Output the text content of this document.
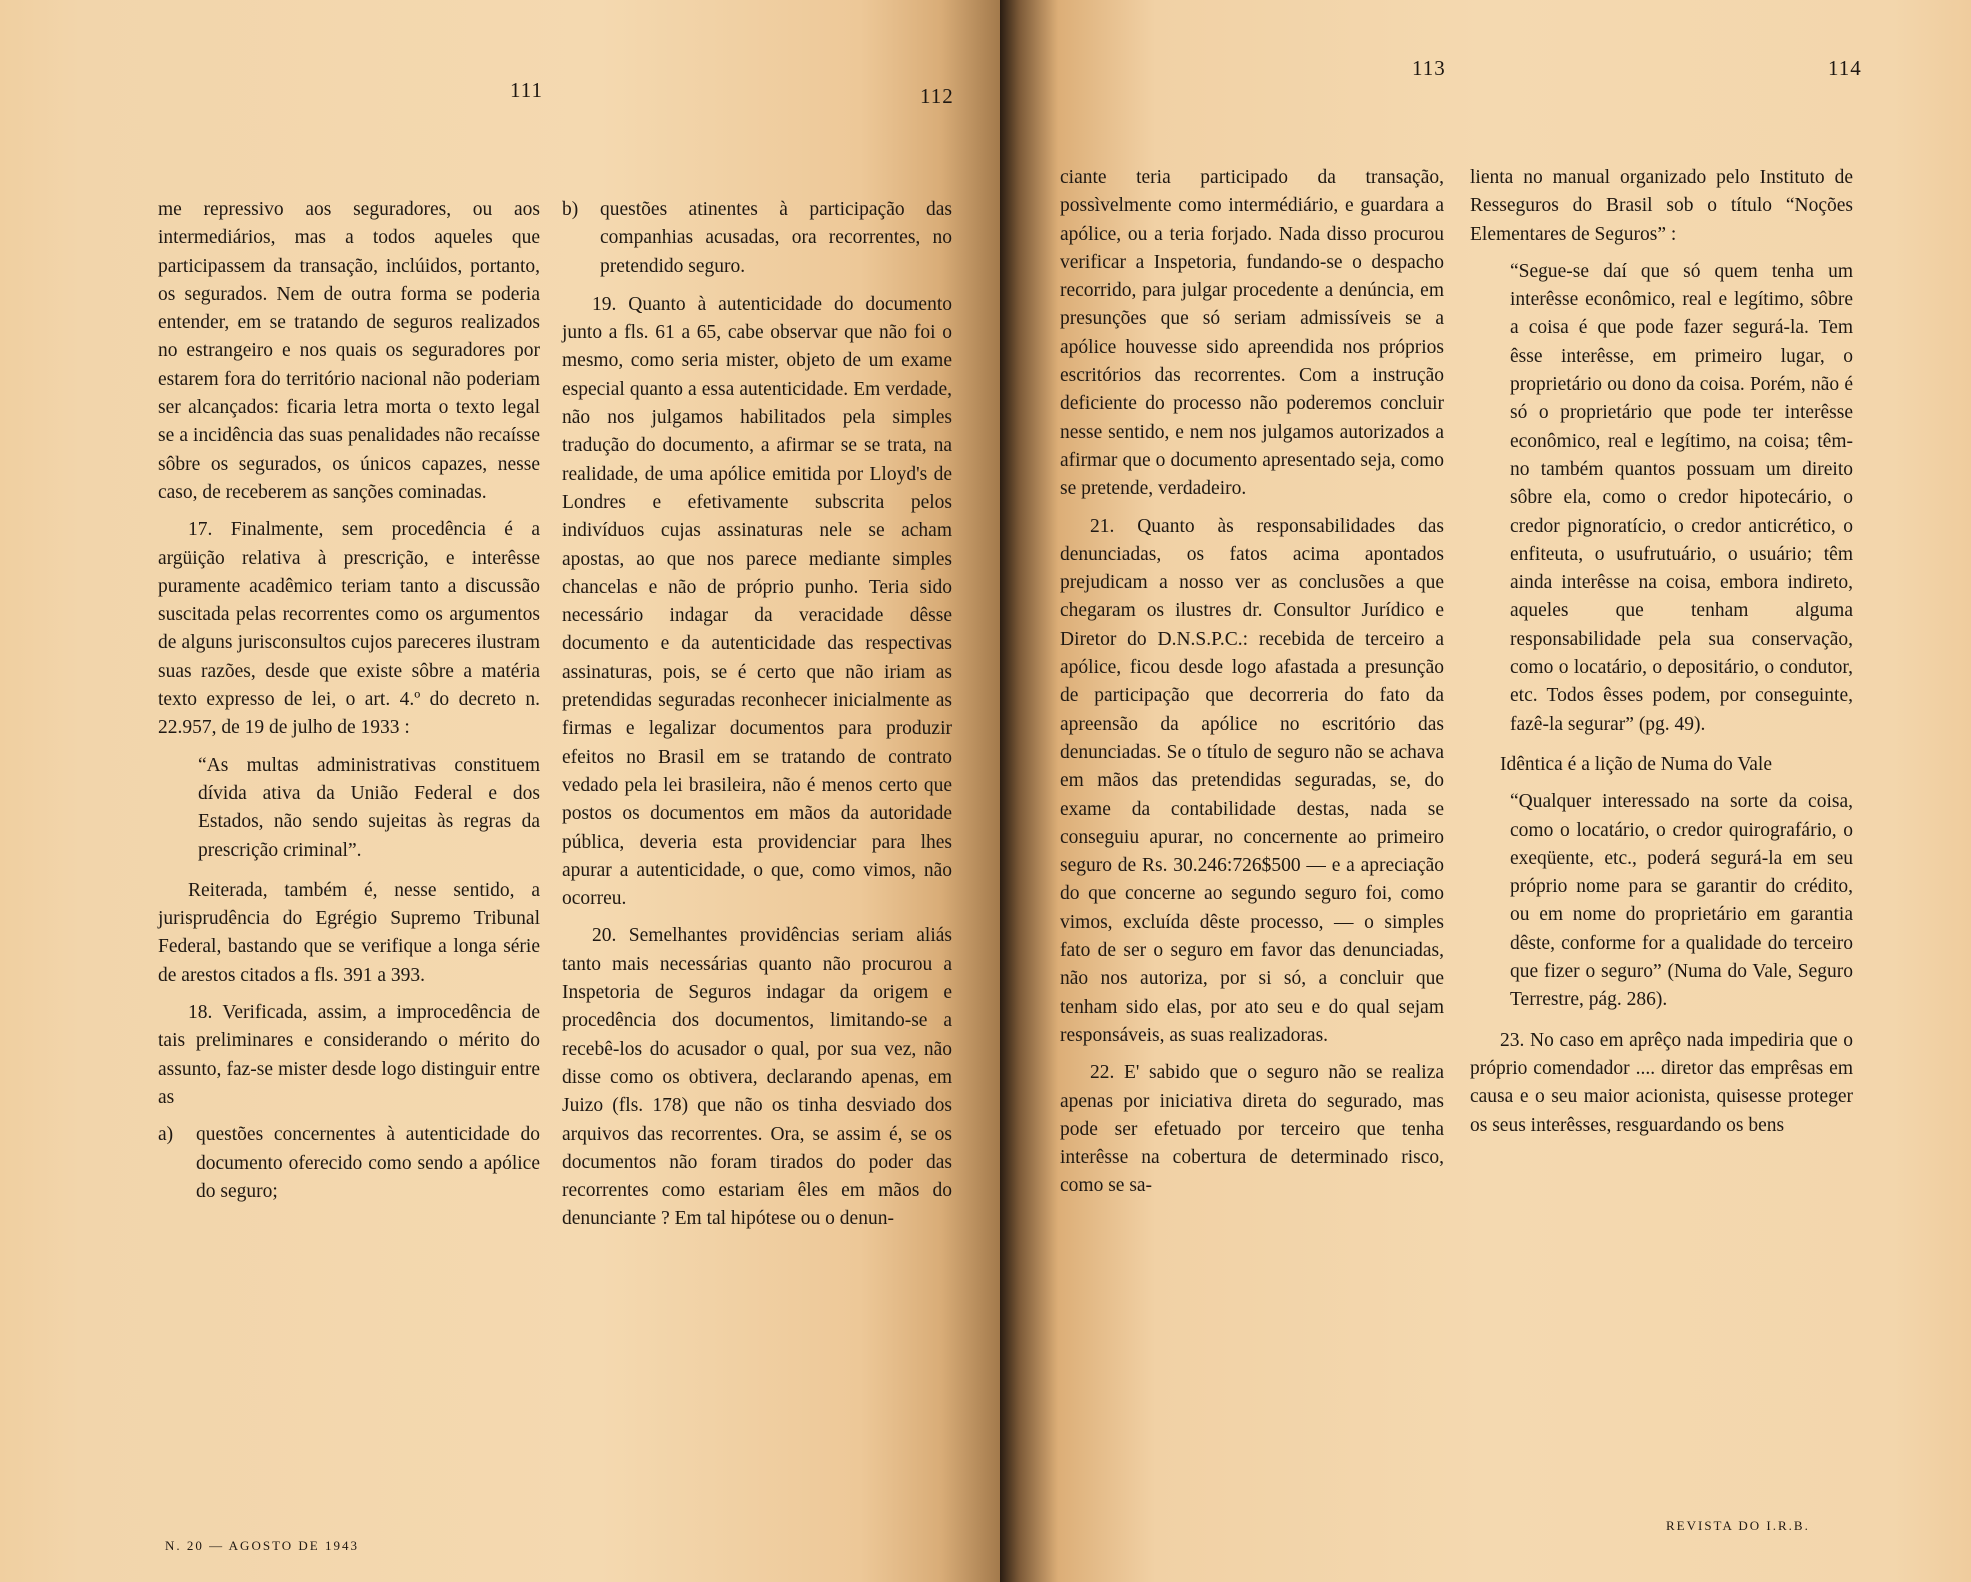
111	112

me repressivo aos seguradores, ou aos intermediários, mas a todos aqueles que participassem da transação, inclúidos, portanto, os segurados. Nem de outra forma se poderia entender, em se tratando de seguros realizados no estrangeiro e nos quais os seguradores por estarem fora do território nacional não poderiam ser alcançados: ficaria letra morta o texto legal se a incidência das suas penalidades não recaísse sôbre os segurados, os únicos capazes, nesse caso, de receberem as sanções cominadas.

17. Finalmente, sem procedência é a argüição relativa à prescrição, e interêsse puramente acadêmico teriam tanto a discussão suscitada pelas recorrentes como os argumentos de alguns jurisconsultos cujos pareceres ilustram suas razões, desde que existe sôbre a matéria texto expresso de lei, o art. 4.º do decreto n. 22.957, de 19 de julho de 1933 :

“As multas administrativas constituem dívida ativa da União Federal e dos Estados, não sendo sujeitas às regras da prescrição criminal”.

Reiterada, também é, nesse sentido, a jurisprudência do Egrégio Supremo Tribunal Federal, bastando que se verifique a longa série de arestos citados a fls. 391 a 393.

18. Verificada, assim, a improcedência de tais preliminares e considerando o mérito do assunto, faz-se mister desde logo distinguir entre as

a) questões concernentes à autenticidade do documento oferecido como sendo a apólice do seguro;
b) questões atinentes à participação das companhias acusadas, ora recorrentes, no pretendido seguro.

19. Quanto à autenticidade do documento junto a fls. 61 a 65, cabe observar que não foi o mesmo, como seria mister, objeto de um exame especial quanto a essa autenticidade. Em verdade, não nos julgamos habilitados pela simples tradução do documento, a afirmar se se trata, na realidade, de uma apólice emitida por Lloyd's de Londres e efetivamente subscrita pelos indivíduos cujas assinaturas nele se acham apostas, ao que nos parece mediante simples chancelas e não de próprio punho. Teria sido necessário indagar da veracidade dêsse documento e da autenticidade das respectivas assinaturas, pois, se é certo que não iriam as pretendidas seguradas reconhecer inicialmente as firmas e legalizar documentos para produzir efeitos no Brasil em se tratando de contrato vedado pela lei brasileira, não é menos certo que postos os documentos em mãos da autoridade pública, deveria esta providenciar para lhes apurar a autenticidade, o que, como vimos, não ocorreu.

20. Semelhantes providências seriam aliás tanto mais necessárias quanto não procurou a Inspetoria de Seguros indagar da origem e procedência dos documentos, limitando-se a recebê-los do acusador o qual, por sua vez, não disse como os obtivera, declarando apenas, em Juizo (fls. 178) que não os tinha desviado dos arquivos das recorrentes. Ora, se assim é, se os documentos não foram tirados do poder das recorrentes como estariam êles em mãos do denunciante ? Em tal hipótese ou o denun-

N. 20 — AGOSTO DE 1943
113	114

ciante teria participado da transação, possìvelmente como intermédiário, e guardara a apólice, ou a teria forjado. Nada disso procurou verificar a Inspetoria, fundando-se o despacho recorrido, para julgar procedente a denúncia, em presunções que só seriam admissíveis se a apólice houvesse sido apreendida nos próprios escritórios das recorrentes. Com a instrução deficiente do processo não poderemos concluir nesse sentido, e nem nos julgamos autorizados a afirmar que o documento apresentado seja, como se pretende, verdadeiro.

21. Quanto às responsabilidades das denunciadas, os fatos acima apontados prejudicam a nosso ver as conclusões a que chegaram os ilustres dr. Consultor Jurídico e Diretor do D.N.S.P.C.: recebida de terceiro a apólice, ficou desde logo afastada a presunção de participação que decorreria do fato da apreensão da apólice no escritório das denunciadas. Se o título de seguro não se achava em mãos das pretendidas seguradas, se, do exame da contabilidade destas, nada se conseguiu apurar, no concernente ao primeiro seguro de Rs. 30.246:726$500 — e a apreciação do que concerne ao segundo seguro foi, como vimos, excluída dêste processo, — o simples fato de ser o seguro em favor das denunciadas, não nos autoriza, por si só, a concluir que tenham sido elas, por ato seu e do qual sejam responsáveis, as suas realizadoras.

22. E' sabido que o seguro não se realiza apenas por iniciativa direta do segurado, mas pode ser efetuado por terceiro que tenha interêsse na cobertura de determinado risco, como se sa-

lienta no manual organizado pelo Instituto de Resseguros do Brasil sob o título “Noções Elementares de Seguros” :

“Segue-se daí que só quem tenha um interêsse econômico, real e legítimo, sôbre a coisa é que pode fazer segurá-la. Tem êsse interêsse, em primeiro lugar, o proprietário ou dono da coisa. Porém, não é só o proprietário que pode ter interêsse econômico, real e legítimo, na coisa; têm-no também quantos possuam um direito sôbre ela, como o credor hipotecário, o credor pignoratício, o credor anticrético, o enfiteuta, o usufrutuário, o usuário; têm ainda interêsse na coisa, embora indireto, aqueles que tenham alguma responsabilidade pela sua conservação, como o locatário, o depositário, o condutor, etc. Todos êsses podem, por conseguinte, fazê-la segurar” (pg. 49).

Idêntica é a lição de Numa do Vale

“Qualquer interessado na sorte da coisa, como o locatário, o credor quirografário, o exeqüente, etc., poderá segurá-la em seu próprio nome para se garantir do crédito, ou em nome do proprietário em garantia dêste, conforme for a qualidade do terceiro que fizer o seguro” (Numa do Vale, Seguro Terrestre, pág. 286).

23. No caso em aprêço nada impediria que o próprio comendador .... diretor das emprêsas em causa e o seu maior acionista, quisesse proteger os seus interêsses, resguardando os bens

REVISTA DO I.R.B.
